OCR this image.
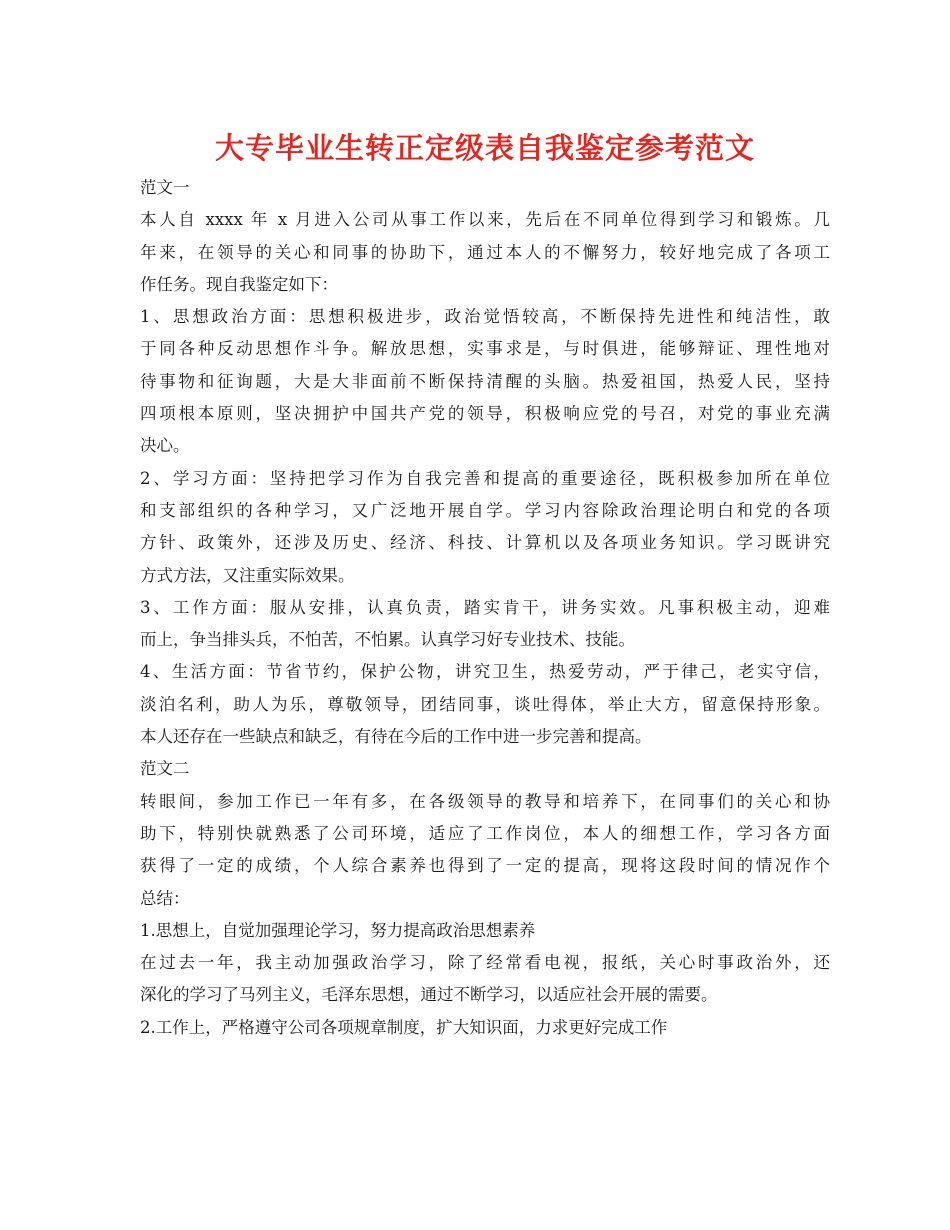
大专毕业生转正定级表自我鉴定参考范文
范文一
本人自 xxxx 年 x 月进入公司从事工作以来，先后在不同单位得到学习和锻炼。几
年来，在领导的关心和同事的协助下，通过本人的不懈努力，较好地完成了各项工
作任务。现自我鉴定如下：
1、思想政治方面：思想积极进步，政治觉悟较高，不断保持先进性和纯洁性，敢
于同各种反动思想作斗争。解放思想，实事求是，与时俱进，能够辩证、理性地对
待事物和征询题，大是大非面前不断保持清醒的头脑。热爱祖国，热爱人民，坚持
四项根本原则，坚决拥护中国共产党的领导，积极响应党的号召，对党的事业充满
决心。
2、学习方面：坚持把学习作为自我完善和提高的重要途径，既积极参加所在单位
和支部组织的各种学习，又广泛地开展自学。学习内容除政治理论明白和党的各项
方针、政策外，还涉及历史、经济、科技、计算机以及各项业务知识。学习既讲究
方式方法，又注重实际效果。
3、工作方面：服从安排，认真负责，踏实肯干，讲务实效。凡事积极主动，迎难
而上，争当排头兵，不怕苦，不怕累。认真学习好专业技术、技能。
4、生活方面：节省节约，保护公物，讲究卫生，热爱劳动，严于律己，老实守信，
淡泊名利，助人为乐，尊敬领导，团结同事，谈吐得体，举止大方，留意保持形象。
本人还存在一些缺点和缺乏，有待在今后的工作中进一步完善和提高。
范文二
转眼间，参加工作已一年有多，在各级领导的教导和培养下，在同事们的关心和协
助下，特别快就熟悉了公司环境，适应了工作岗位，本人的细想工作，学习各方面
获得了一定的成绩，个人综合素养也得到了一定的提高，现将这段时间的情况作个
总结：
1.思想上，自觉加强理论学习，努力提高政治思想素养
在过去一年，我主动加强政治学习，除了经常看电视，报纸，关心时事政治外，还
深化的学习了马列主义，毛泽东思想，通过不断学习，以适应社会开展的需要。
2.工作上，严格遵守公司各项规章制度，扩大知识面，力求更好完成工作
